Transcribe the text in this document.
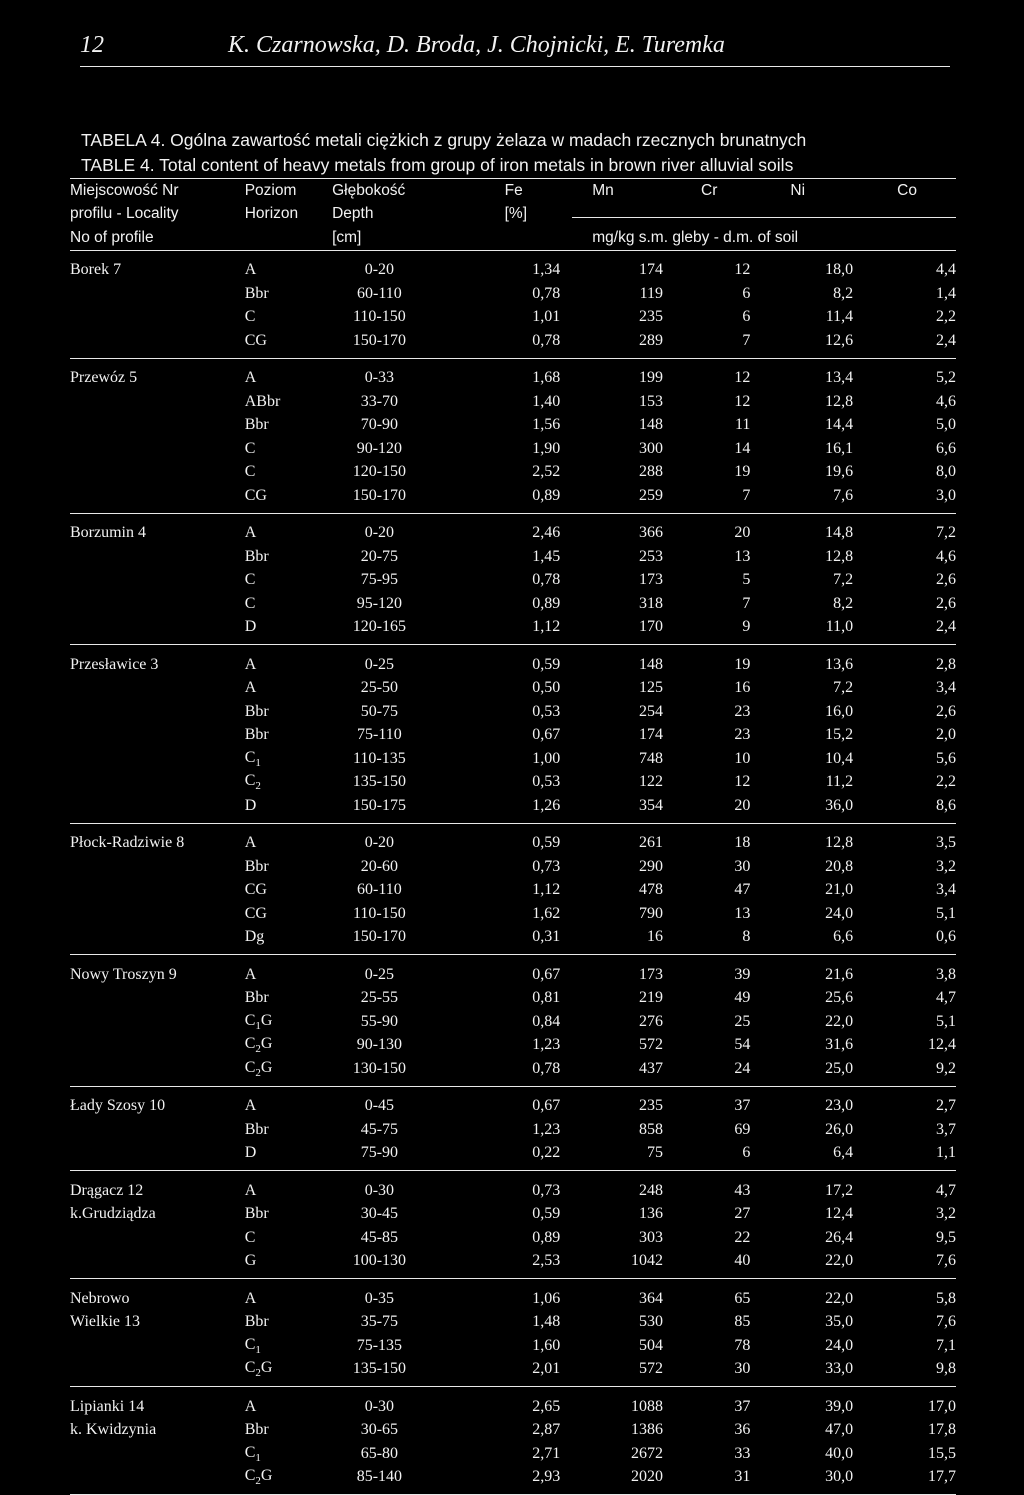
12	K. Czarnowska, D. Broda, J. Chojnicki, E. Turemka
TABELA 4. Ogólna zawartość metali ciężkich z grupy żelaza w madach rzecznych brunatnych
TABLE 4. Total content of heavy metals from group of iron metals in brown river alluvial soils
Miejscowość Nr	Poziom	Głębokość	Fe	Mn	Cr	Ni	Co
profilu - Locality	Horizon	Depth	[%]				

No of profile		[cm]		mg/kg s.m. gleby - d.m. of soil			
Borek 7	A	0-20	1,34	174	12	18,0	4,4
	Bbr	60-110	0,78	119	6	8,2	1,4
	C	110-150	1,01	235	6	11,4	2,2
	CG	150-170	0,78	289	7	12,6	2,4
Przewóz 5	A	0-33	1,68	199	12	13,4	5,2
	ABbr	33-70	1,40	153	12	12,8	4,6
	Bbr	70-90	1,56	148	11	14,4	5,0
	C	90-120	1,90	300	14	16,1	6,6
	C	120-150	2,52	288	19	19,6	8,0
	CG	150-170	0,89	259	7	7,6	3,0
Borzumin 4	A	0-20	2,46	366	20	14,8	7,2
	Bbr	20-75	1,45	253	13	12,8	4,6
	C	75-95	0,78	173	5	7,2	2,6
	C	95-120	0,89	318	7	8,2	2,6
	D	120-165	1,12	170	9	11,0	2,4
Przesławice 3	A	0-25	0,59	148	19	13,6	2,8
	A	25-50	0,50	125	16	7,2	3,4
	Bbr	50-75	0,53	254	23	16,0	2,6
	Bbr	75-110	0,67	174	23	15,2	2,0
	$C_1$	110-135	1,00	748	10	10,4	5,6
	$C_2$	135-150	0,53	122	12	11,2	2,2
	D	150-175	1,26	354	20	36,0	8,6
Płock-Radziwie 8	A	0-20	0,59	261	18	12,8	3,5
	Bbr	20-60	0,73	290	30	20,8	3,2
	CG	60-110	1,12	478	47	21,0	3,4
	CG	110-150	1,62	790	13	24,0	5,1
	Dg	150-170	0,31	16	8	6,6	0,6
Nowy Troszyn 9	A	0-25	0,67	173	39	21,6	3,8
	Bbr	25-55	0,81	219	49	25,6	4,7
	$C_1G$	55-90	0,84	276	25	22,0	5,1
	$C_2G$	90-130	1,23	572	54	31,6	12,4
	$C_2G$	130-150	0,78	437	24	25,0	9,2
Łady Szosy 10	A	0-45	0,67	235	37	23,0	2,7
	Bbr	45-75	1,23	858	69	26,0	3,7
	D	75-90	0,22	75	6	6,4	1,1
Drągacz 12	A	0-30	0,73	248	43	17,2	4,7
k.Grudziądza	Bbr	30-45	0,59	136	27	12,4	3,2
	C	45-85	0,89	303	22	26,4	9,5
	G	100-130	2,53	1042	40	22,0	7,6
Nebrowo	A	0-35	1,06	364	65	22,0	5,8
Wielkie 13	Bbr	35-75	1,48	530	85	35,0	7,6
	$C_1$	75-135	1,60	504	78	24,0	7,1
	$C_2G$	135-150	2,01	572	30	33,0	9,8
Lipianki 14	A	0-30	2,65	1088	37	39,0	17,0
k. Kwidzynia	Bbr	30-65	2,87	1386	36	47,0	17,8
	$C_1$	65-80	2,71	2672	33	40,0	15,5
	$C_2G$	85-140	2,93	2020	31	30,0	17,7
